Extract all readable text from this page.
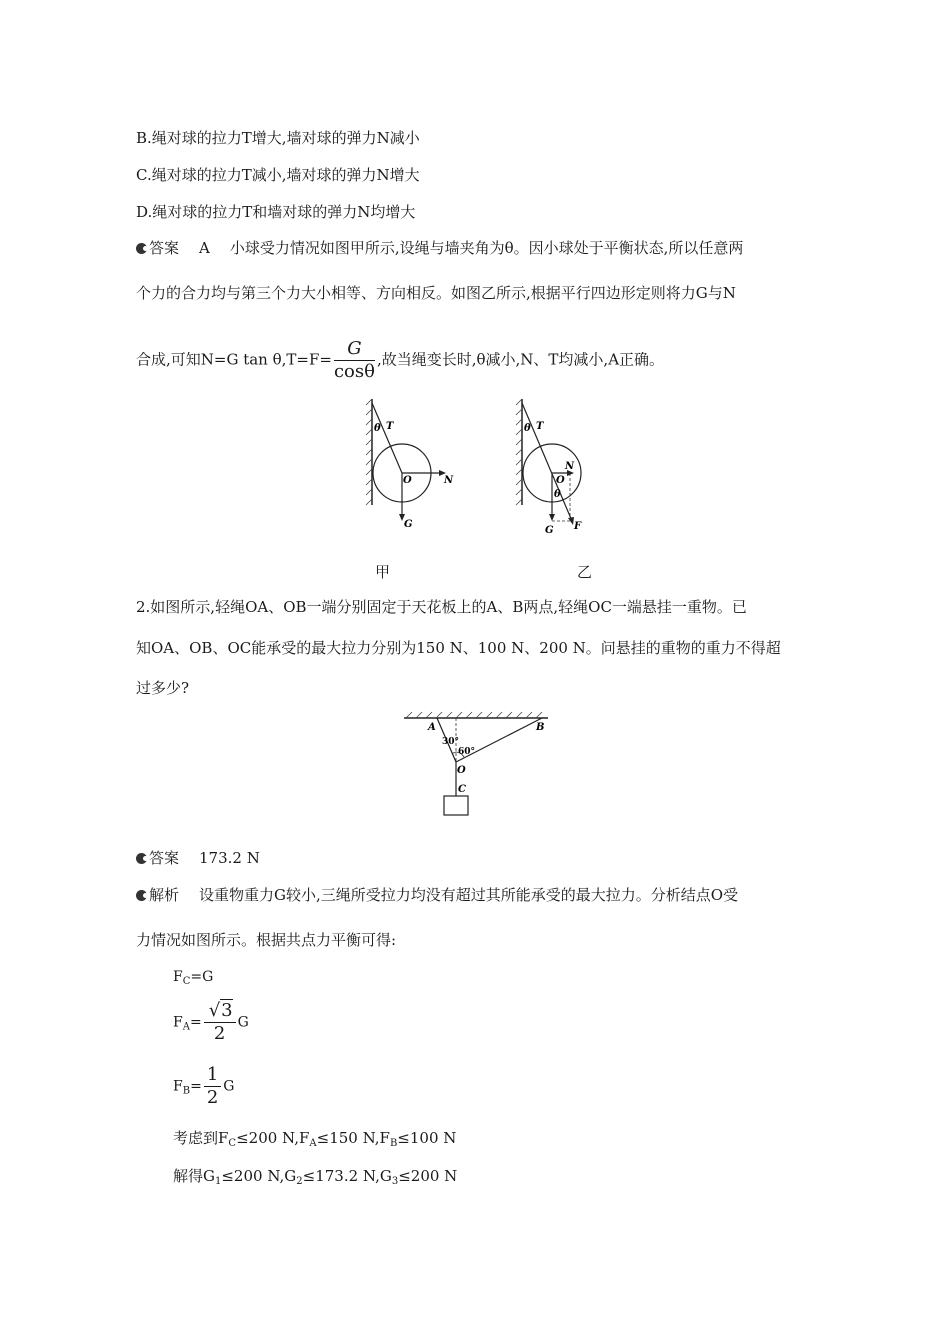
B.绳对球的拉力T增大,墙对球的弹力N减小
C.绳对球的拉力T减小,墙对球的弹力N增大
D.绳对球的拉力T和墙对球的弹力N均增大
答案 A 小球受力情况如图甲所示,设绳与墙夹角为θ。因小球处于平衡状态,所以任意两
个力的合力均与第三个力大小相等、方向相反。如图乙所示,根据平行四边形定则将力G与N
合成,可知N=G $\tan \theta,T=F= \frac{G}{\cos\theta}$ ,故当绳变长时,θ减小,N、T均减小,A正确。
θ T
O	N
G
θ T
O
N
θ
G F
甲	乙
2.如图所示,轻绳OA、OB一端分别固定于天花板上的A、B两点,轻绳OC一端悬挂一重物。已
知OA、OB、OC能承受的最大拉力分别为150 N、100 N、200 N。问悬挂的重物的重力不得超
过多少?
A	B
30°
60°
O
C
答案 173.2 N
解析 设重物重力G较小,三绳所受拉力均没有超过其所能承受的最大拉力。分析结点O受
力情况如图所示。根据共点力平衡可得:
$F_C=G$
$F_A= \frac{√3}{2}$ G
$F_B= \frac{1}{2}$ G
考虑到$F_C\le 200$ $N,F_A\le 150$ $N,F_B\le 100$ N
解得$G_1\le 200$ $N,G_2\le 173.2$ $N,G_3\le 200$ N
